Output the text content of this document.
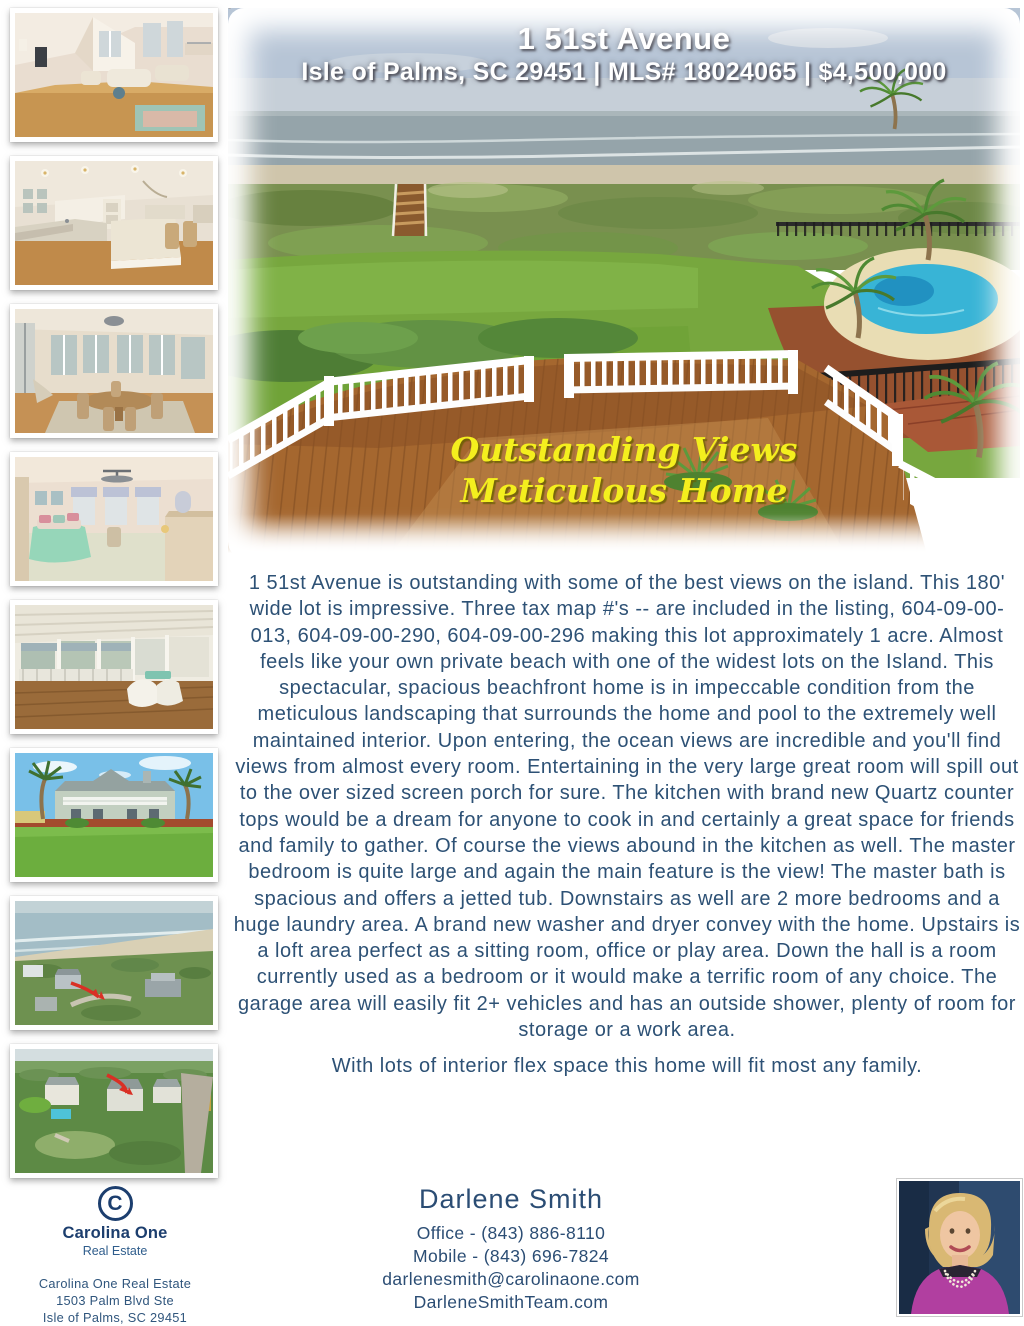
1 51st Avenue
Isle of Palms, SC 29451 | MLS# 18024065 | $4,500,000
Outstanding Views
Meticulous Home

1 51st Avenue is outstanding with some of the best views on the island. This 180' wide lot is impressive. Three tax map #'s -- are included in the listing, 604-09-00-013, 604-09-00-290, 604-09-00-296 making this lot approximately 1 acre. Almost feels like your own private beach with one of the widest lots on the Island. This spectacular, spacious beachfront home is in impeccable condition from the meticulous landscaping that surrounds the home and pool to the extremely well maintained interior. Upon entering, the ocean views are incredible and you'll find views from almost every room. Entertaining in the very large great room will spill out to the over sized screen porch for sure. The kitchen with brand new Quartz counter tops would be a dream for anyone to cook in and certainly a great space for friends and family to gather. Of course the views abound in the kitchen as well. The master bedroom is quite large and again the main feature is the view! The master bath is spacious and offers a jetted tub. Downstairs as well are 2 more bedrooms and a huge laundry area. A brand new washer and dryer convey with the home. Upstairs is a loft area perfect as a sitting room, office or play area. Down the hall is a room currently used as a bedroom or it would make a terrific room of any choice. The garage area will easily fit 2+ vehicles and has an outside shower, plenty of room for storage or a work area.

With lots of interior flex space this home will fit most any family.

C
Carolina One
Real Estate
Carolina One Real Estate
1503 Palm Blvd Ste
Isle of Palms, SC 29451
Darlene Smith
Office - (843) 886-8110
Mobile - (843) 696-7824
darlenesmith@carolinaone.com
DarleneSmithTeam.com
